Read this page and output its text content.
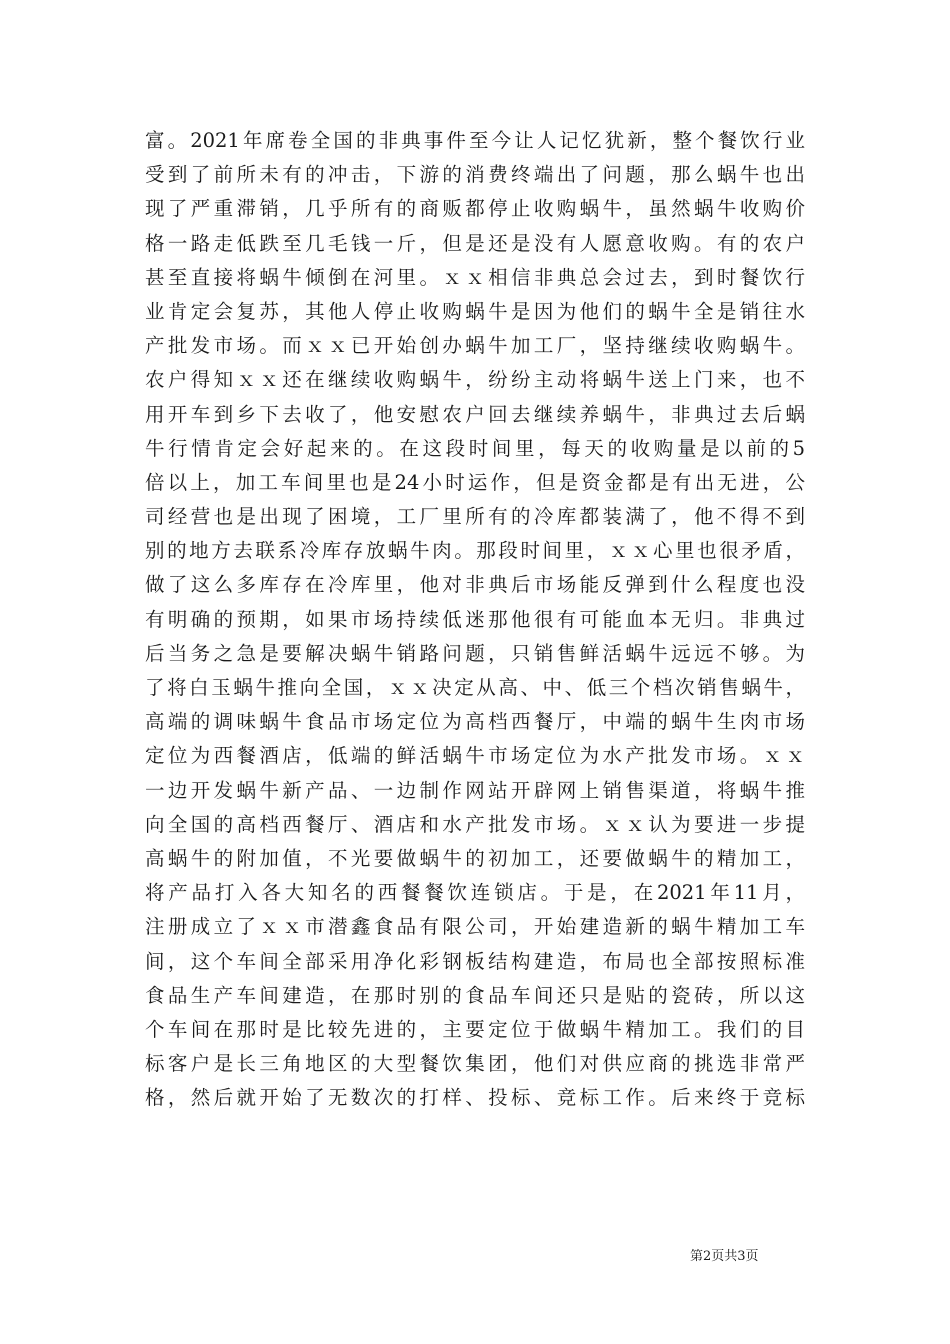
富。2021年席卷全国的非典事件至今让人记忆犹新，整个餐饮行业
受到了前所未有的冲击，下游的消费终端出了问题，那么蜗牛也出
现了严重滞销，几乎所有的商贩都停止收购蜗牛，虽然蜗牛收购价
格一路走低跌至几毛钱一斤，但是还是没有人愿意收购。有的农户
甚至直接将蜗牛倾倒在河里。ｘｘ相信非典总会过去，到时餐饮行
业肯定会复苏，其他人停止收购蜗牛是因为他们的蜗牛全是销往水
产批发市场。而ｘｘ已开始创办蜗牛加工厂，坚持继续收购蜗牛。
农户得知ｘｘ还在继续收购蜗牛，纷纷主动将蜗牛送上门来，也不
用开车到乡下去收了，他安慰农户回去继续养蜗牛，非典过去后蜗
牛行情肯定会好起来的。在这段时间里，每天的收购量是以前的5
倍以上，加工车间里也是24小时运作，但是资金都是有出无进，公
司经营也是出现了困境，工厂里所有的冷库都装满了，他不得不到
别的地方去联系冷库存放蜗牛肉。那段时间里，ｘｘ心里也很矛盾，
做了这么多库存在冷库里，他对非典后市场能反弹到什么程度也没
有明确的预期，如果市场持续低迷那他很有可能血本无归。非典过
后当务之急是要解决蜗牛销路问题，只销售鲜活蜗牛远远不够。为
了将白玉蜗牛推向全国，ｘｘ决定从高、中、低三个档次销售蜗牛，
高端的调味蜗牛食品市场定位为高档西餐厅，中端的蜗牛生肉市场
定位为西餐酒店，低端的鲜活蜗牛市场定位为水产批发市场。ｘｘ
一边开发蜗牛新产品、一边制作网站开辟网上销售渠道，将蜗牛推
向全国的高档西餐厅、酒店和水产批发市场。ｘｘ认为要进一步提
高蜗牛的附加值，不光要做蜗牛的初加工，还要做蜗牛的精加工，
将产品打入各大知名的西餐餐饮连锁店。于是，在2021年11月，
注册成立了ｘｘ市潜鑫食品有限公司，开始建造新的蜗牛精加工车
间，这个车间全部采用净化彩钢板结构建造，布局也全部按照标准
食品生产车间建造，在那时别的食品车间还只是贴的瓷砖，所以这
个车间在那时是比较先进的，主要定位于做蜗牛精加工。我们的目
标客户是长三角地区的大型餐饮集团，他们对供应商的挑选非常严
格，然后就开始了无数次的打样、投标、竞标工作。后来终于竞标
第2页共3页
